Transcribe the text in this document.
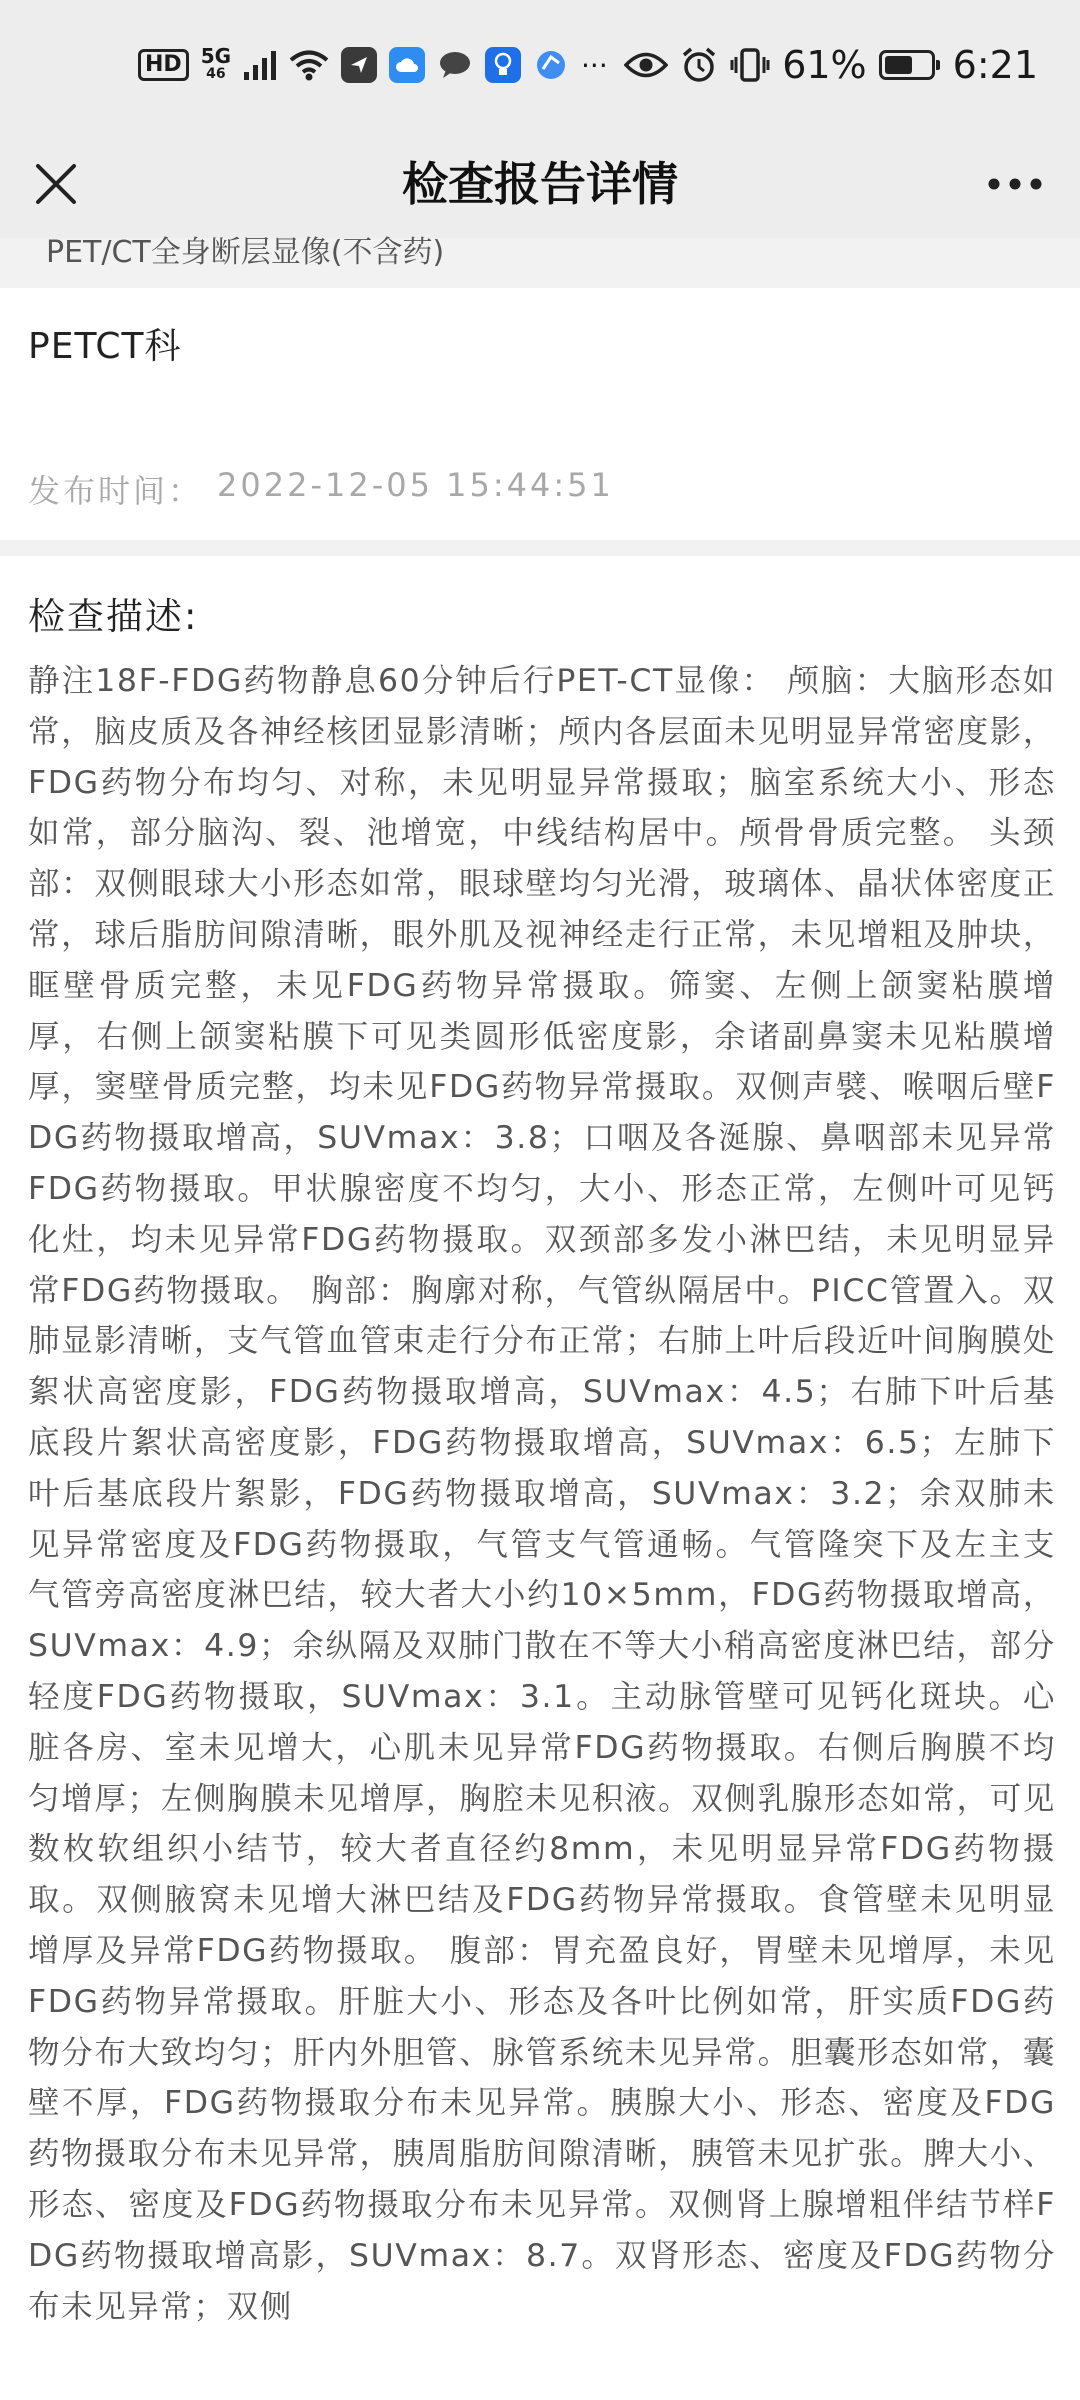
HD 5G
46	···	61% 6:21
检查报告详情
PET/CT全身断层显像(不含药)
PETCT科
发布时间： 2022-12-05 15:44:51
检查描述:
静注18F-FDG药物静息60分钟后行PET-CT显像： 颅脑：大脑形态如常，脑皮质及各神经核团显影清晰；颅内各层面未见明显异常密度影，FDG药物分布均匀、对称，未见明显异常摄取；脑室系统大小、形态如常，部分脑沟、裂、池增宽，中线结构居中。颅骨骨质完整。 头颈部：双侧眼球大小形态如常，眼球壁均匀光滑，玻璃体、晶状体密度正常，球后脂肪间隙清晰，眼外肌及视神经走行正常，未见增粗及肿块，眶壁骨质完整，未见FDG药物异常摄取。筛窦、左侧上颌窦粘膜增厚，右侧上颌窦粘膜下可见类圆形低密度影，余诸副鼻窦未见粘膜增厚，窦壁骨质完整，均未见FDG药物异常摄取。双侧声襞、喉咽后壁FDG药物摄取增高，SUVmax：3.8；口咽及各涎腺、鼻咽部未见异常FDG药物摄取。甲状腺密度不均匀，大小、形态正常，左侧叶可见钙化灶，均未见异常FDG药物摄取。双颈部多发小淋巴结，未见明显异常FDG药物摄取。 胸部：胸廓对称，气管纵隔居中。PICC管置入。双肺显影清晰，支气管血管束走行分布正常；右肺上叶后段近叶间胸膜处絮状高密度影，FDG药物摄取增高，SUVmax：4.5；右肺下叶后基底段片絮状高密度影，FDG药物摄取增高，SUVmax：6.5；左肺下叶后基底段片絮影，FDG药物摄取增高，SUVmax：3.2；余双肺未见异常密度及FDG药物摄取，气管支气管通畅。气管隆突下及左主支气管旁高密度淋巴结，较大者大小约10×5mm，FDG药物摄取增高，SUVmax：4.9；余纵隔及双肺门散在不等大小稍高密度淋巴结，部分轻度FDG药物摄取，SUVmax：3.1。主动脉管壁可见钙化斑块。心脏各房、室未见增大，心肌未见异常FDG药物摄取。右侧后胸膜不均匀增厚；左侧胸膜未见增厚，胸腔未见积液。双侧乳腺形态如常，可见数枚软组织小结节，较大者直径约8mm，未见明显异常FDG药物摄取。双侧腋窝未见增大淋巴结及FDG药物异常摄取。食管壁未见明显增厚及异常FDG药物摄取。 腹部：胃充盈良好，胃壁未见增厚，未见FDG药物异常摄取。肝脏大小、形态及各叶比例如常，肝实质FDG药物分布大致均匀；肝内外胆管、脉管系统未见异常。胆囊形态如常，囊壁不厚，FDG药物摄取分布未见异常。胰腺大小、形态、密度及FDG药物摄取分布未见异常，胰周脂肪间隙清晰，胰管未见扩张。脾大小、形态、密度及FDG药物摄取分布未见异常。双侧肾上腺增粗伴结节样FDG药物摄取增高影，SUVmax：8.7。双肾形态、密度及FDG药物分布未见异常；双侧
